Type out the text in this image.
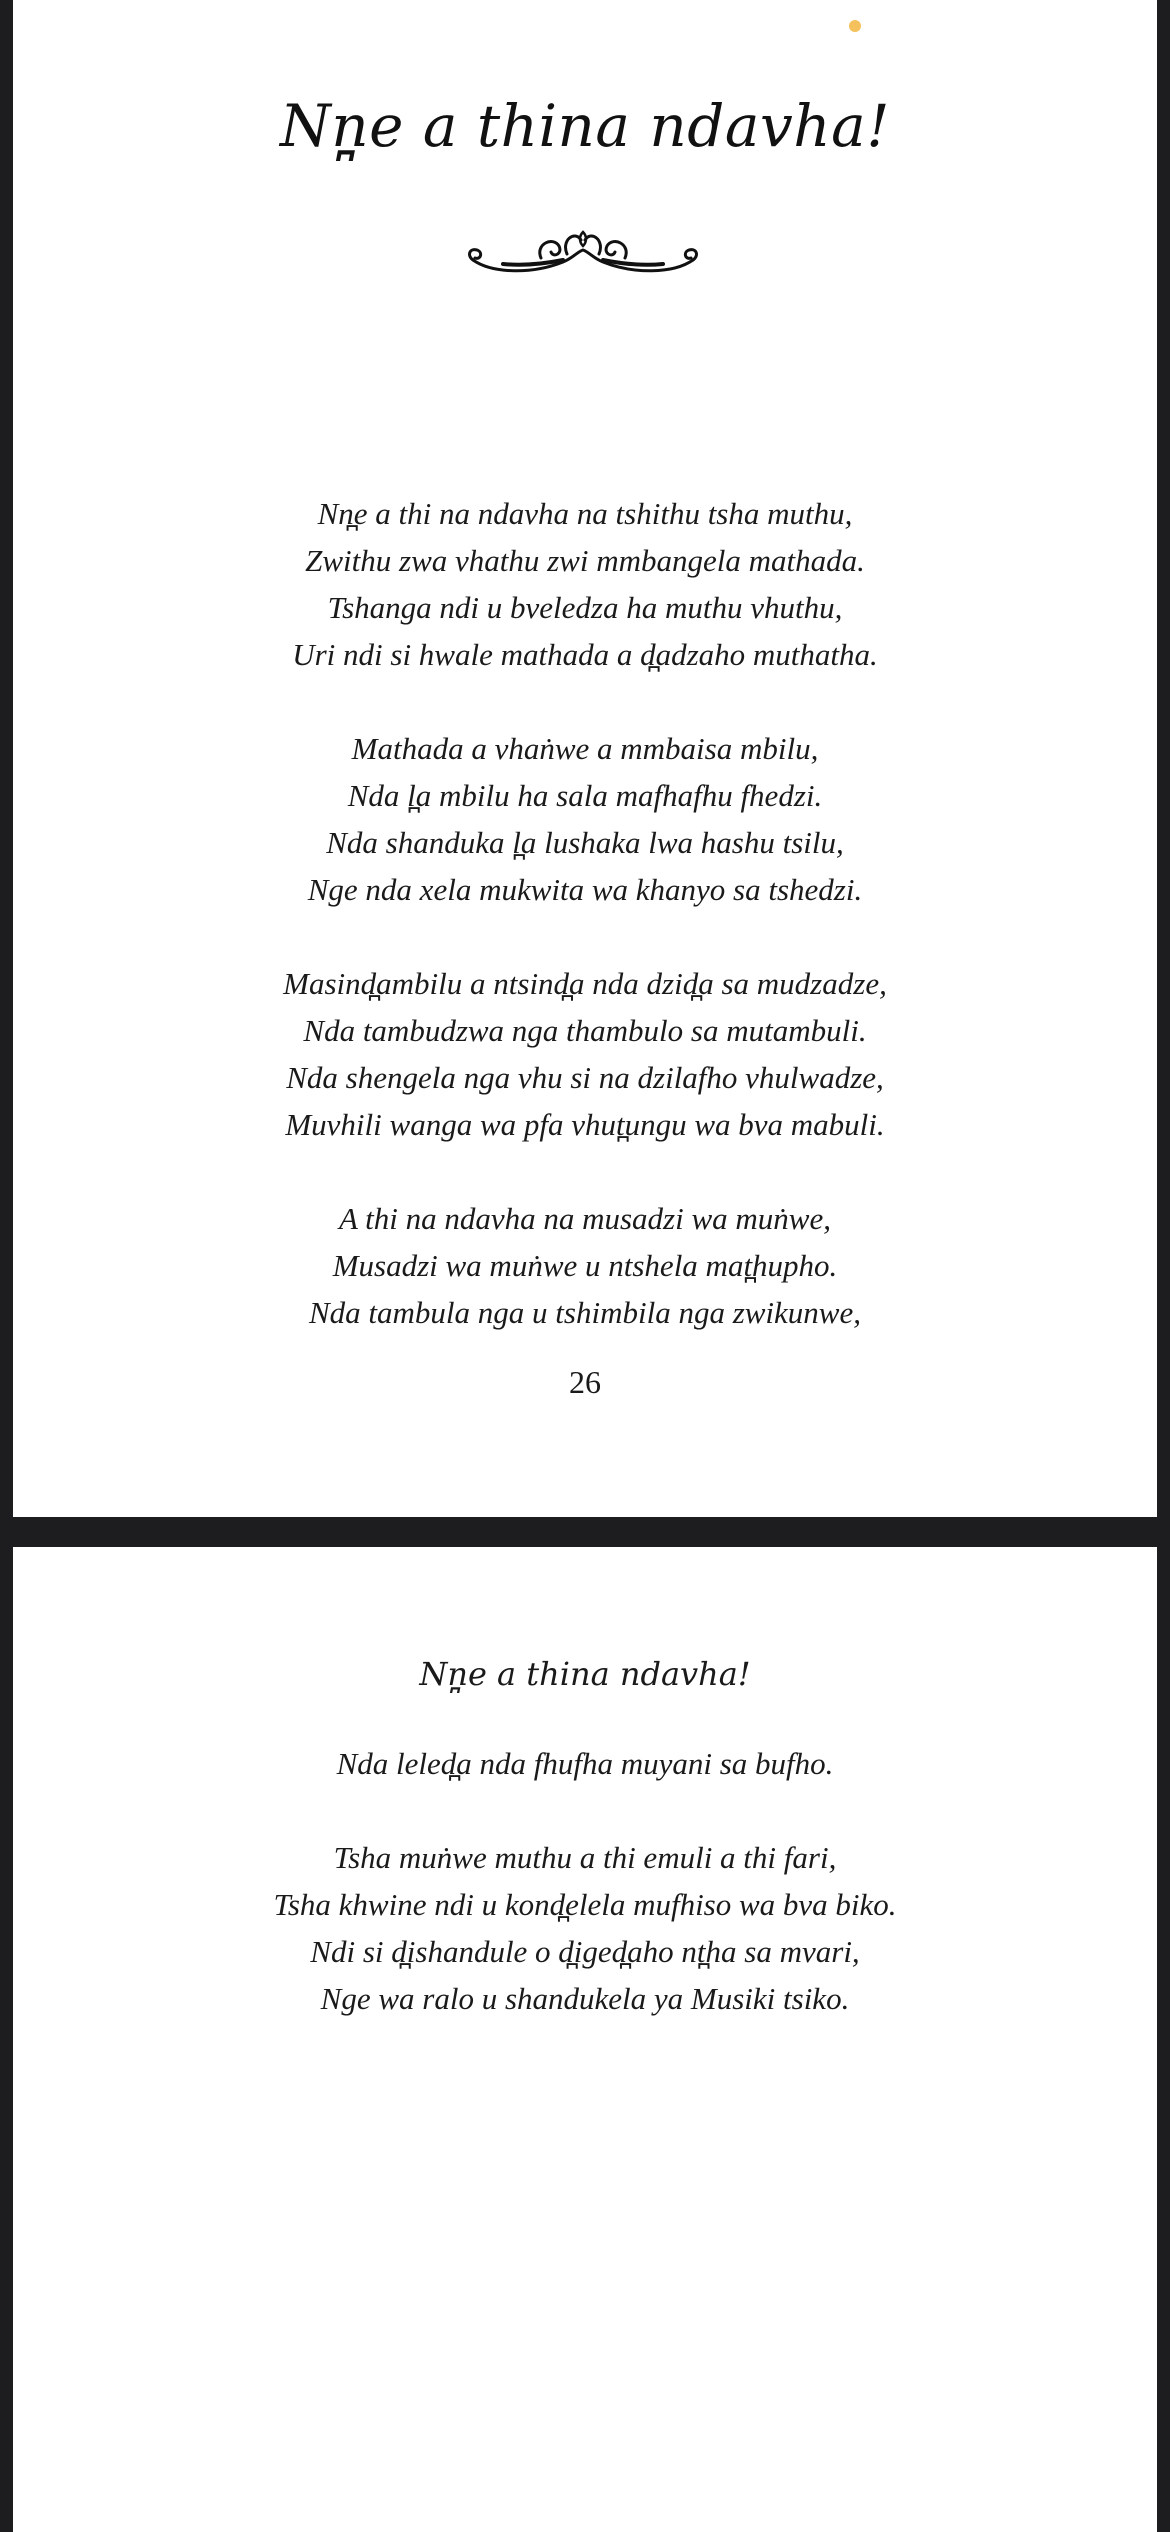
Nn̪e a thina ndavha!
Nn̪e a thi na ndavha na tshithu tsha muthu,
Zwithu zwa vhathu zwi mmbangela mathada.
Tshanga ndi u bveledza ha muthu vhuthu,
Uri ndi si hwale mathada a d̪adzaho muthatha.
Mathada a vhaṅwe a mmbaisa mbilu,
Nda l̪a mbilu ha sala mafhafhu fhedzi.
Nda shanduka l̪a lushaka lwa hashu tsilu,
Nge nda xela mukwita wa khanyo sa tshedzi.
Masind̪ambilu a ntsind̪a nda dzid̪a sa mudzadze,
Nda tambudzwa nga thambulo sa mutambuli.
Nda shengela nga vhu si na dzilafho vhulwadze,
Muvhili wanga wa pfa vhut̪ungu wa bva mabuli.
A thi na ndavha na musadzi wa muṅwe,
Musadzi wa muṅwe u ntshela mat̪hupho.
Nda tambula nga u tshimbila nga zwikunwe,
26
Nn̪e a thina ndavha!
Nda leled̪a nda fhufha muyani sa bufho.
Tsha muṅwe muthu a thi emuli a thi fari,
Tsha khwine ndi u kond̪elela mufhiso wa bva biko.
Ndi si d̪ishandule o d̪iged̪aho nt̪ha sa mvari,
Nge wa ralo u shandukela ya Musiki tsiko.
